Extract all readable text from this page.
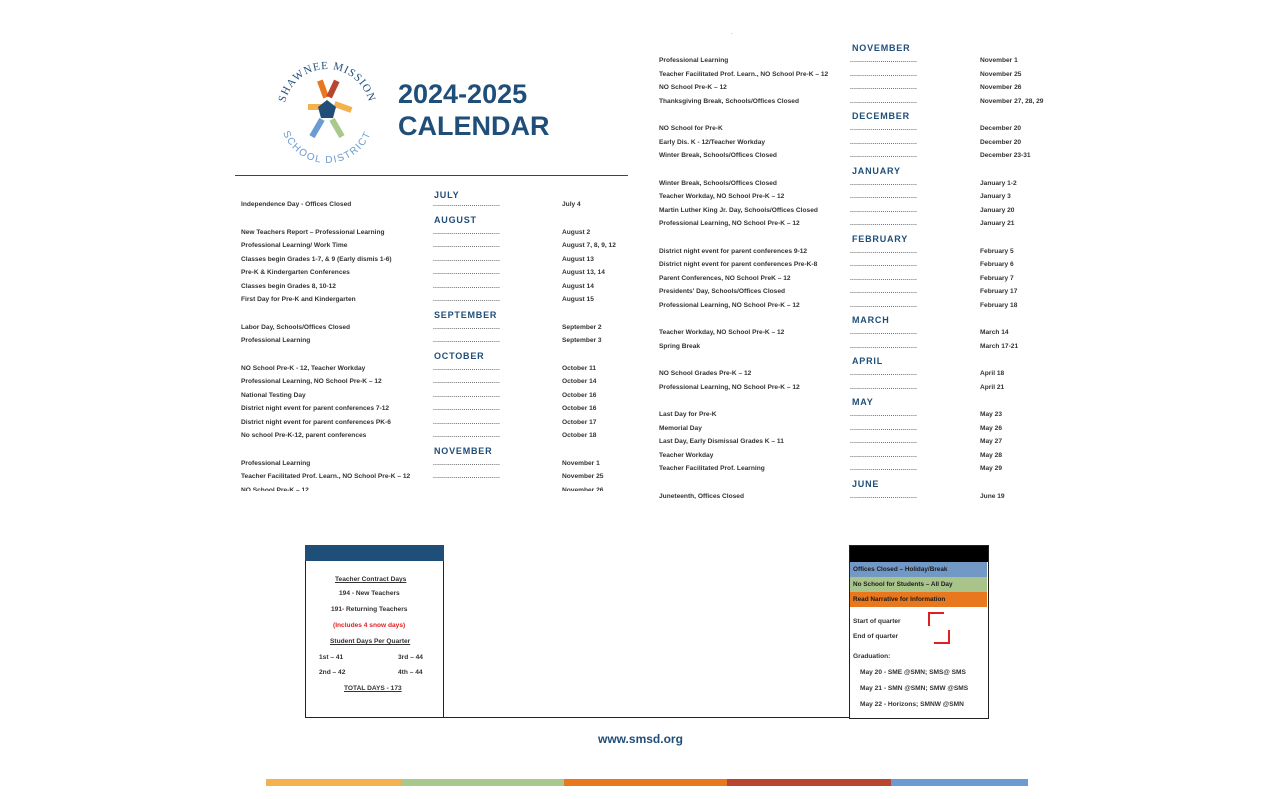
SHAWNEE MISSION
SCHOOL DISTRICT
2024-2025
CALENDAR
.
JULY
Independence Day - Offices Closed	.................................	July 4
AUGUST
New Teachers Report – Professional Learning	.................................	August 2
Professional Learning/ Work Time	.................................	August 7, 8, 9, 12
Classes begin Grades 1-7, & 9 (Early dismis 1-6)	.................................	August 13
Pre-K & Kindergarten Conferences	.................................	August 13, 14
Classes begin Grades 8, 10-12	.................................	August 14
First Day for Pre-K and Kindergarten	.................................	August 15
SEPTEMBER
Labor Day, Schools/Offices Closed	.................................	September 2
Professional Learning	.................................	September 3
OCTOBER
NO School Pre-K - 12, Teacher Workday	.................................	October 11
Professional Learning, NO School Pre-K – 12	.................................	October 14
National Testing Day	.................................	October 16
District night event for parent conferences 7-12	.................................	October 16
District night event for parent conferences PK-6	.................................	October 17
No school Pre-K-12, parent conferences	.................................	October 18
NOVEMBER
Professional Learning	.................................	November 1
Teacher Facilitated Prof. Learn., NO School Pre-K – 12	.................................	November 25
NO School Pre-K – 12	.................................	November 26
NOVEMBER
Professional Learning	.................................	November 1
Teacher Facilitated Prof. Learn., NO School Pre-K – 12	.................................	November 25
NO School Pre-K – 12	.................................	November 26
Thanksgiving Break, Schools/Offices Closed	.................................	November 27, 28, 29
DECEMBER
NO School for Pre-K	.................................	December 20
Early Dis. K - 12/Teacher Workday	.................................	December 20
Winter Break, Schools/Offices Closed	.................................	December 23-31
JANUARY
Winter Break, Schools/Offices Closed	.................................	January 1-2
Teacher Workday, NO School Pre-K – 12	.................................	January 3
Martin Luther King Jr. Day, Schools/Offices Closed	.................................	January 20
Professional Learning, NO School Pre-K – 12	.................................	January 21
FEBRUARY
District night event for parent conferences 9-12	.................................	February 5
District night event for parent conferences Pre-K-8	.................................	February 6
Parent Conferences, NO School PreK – 12	.................................	February 7
Presidents' Day, Schools/Offices Closed	.................................	February 17
Professional Learning, NO School Pre-K – 12	.................................	February 18
MARCH
Teacher Workday, NO School Pre-K – 12	.................................	March 14
Spring Break	.................................	March 17-21
APRIL
NO School Grades Pre-K – 12	.................................	April 18
Professional Learning, NO School Pre-K – 12	.................................	April 21
MAY
Last Day for Pre-K	.................................	May 23
Memorial Day	.................................	May 26
Last Day, Early Dismissal Grades K – 11	.................................	May 27
Teacher Workday	.................................	May 28
Teacher Facilitated Prof. Learning	.................................	May 29
JUNE
Juneteenth, Offices Closed	.................................	June 19
Teacher Contract Days
194 - New Teachers
191- Returning Teachers
(Includes 4 snow days)
Student Days Per Quarter
1st – 41	3rd – 44
2nd – 42	4th – 44
TOTAL DAYS - 173
Offices Closed – Holiday/Break
No School for Students – All Day
Read Narrative for Information
Start of quarter
End of quarter
Graduation:
May 20 - SME @SMN; SMS@ SMS
May 21 - SMN @SMN; SMW @SMS
May 22 - Horizons; SMNW @SMN
www.smsd.org
